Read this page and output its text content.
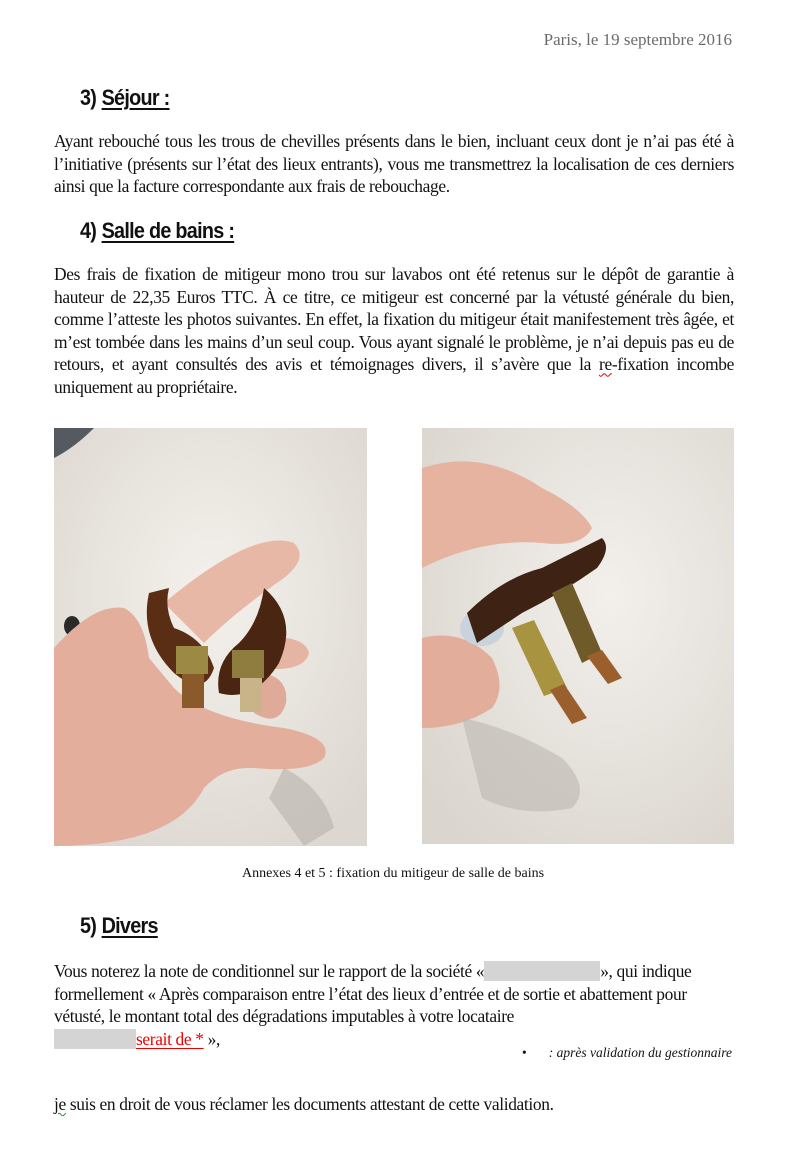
Paris, le 19 septembre 2016
3) Séjour :
Ayant rebouché tous les trous de chevilles présents dans le bien, incluant ceux dont je n’ai pas été à l’initiative (présents sur l’état des lieux entrants), vous me transmettrez la localisation de ces derniers ainsi que la facture correspondante aux frais de rebouchage.
4) Salle de bains :
Des frais de fixation de mitigeur mono trou sur lavabos ont été retenus sur le dépôt de garantie à hauteur de 22,35 Euros TTC. À ce titre, ce mitigeur est concerné par la vétusté générale du bien, comme l’atteste les photos suivantes. En effet, la fixation du mitigeur était manifestement très âgée, et m’est tombée dans les mains d’un seul coup. Vous ayant signalé le problème, je n’ai depuis pas eu de retours, et ayant consultés des avis et témoignages divers, il s’avère que la re-fixation incombe uniquement au propriétaire.
Annexes 4 et 5 : fixation du mitigeur de salle de bains
5) Divers
Vous noterez la note de conditionnel sur le rapport de la société «	», qui indique formellement « Après comparaison entre l’état des lieux d’entrée et de sortie et abattement pour vétusté, le montant total des dégradations imputables à votre locataire
serait de * »,
• : après validation du gestionnaire
je suis en droit de vous réclamer les documents attestant de cette validation.
